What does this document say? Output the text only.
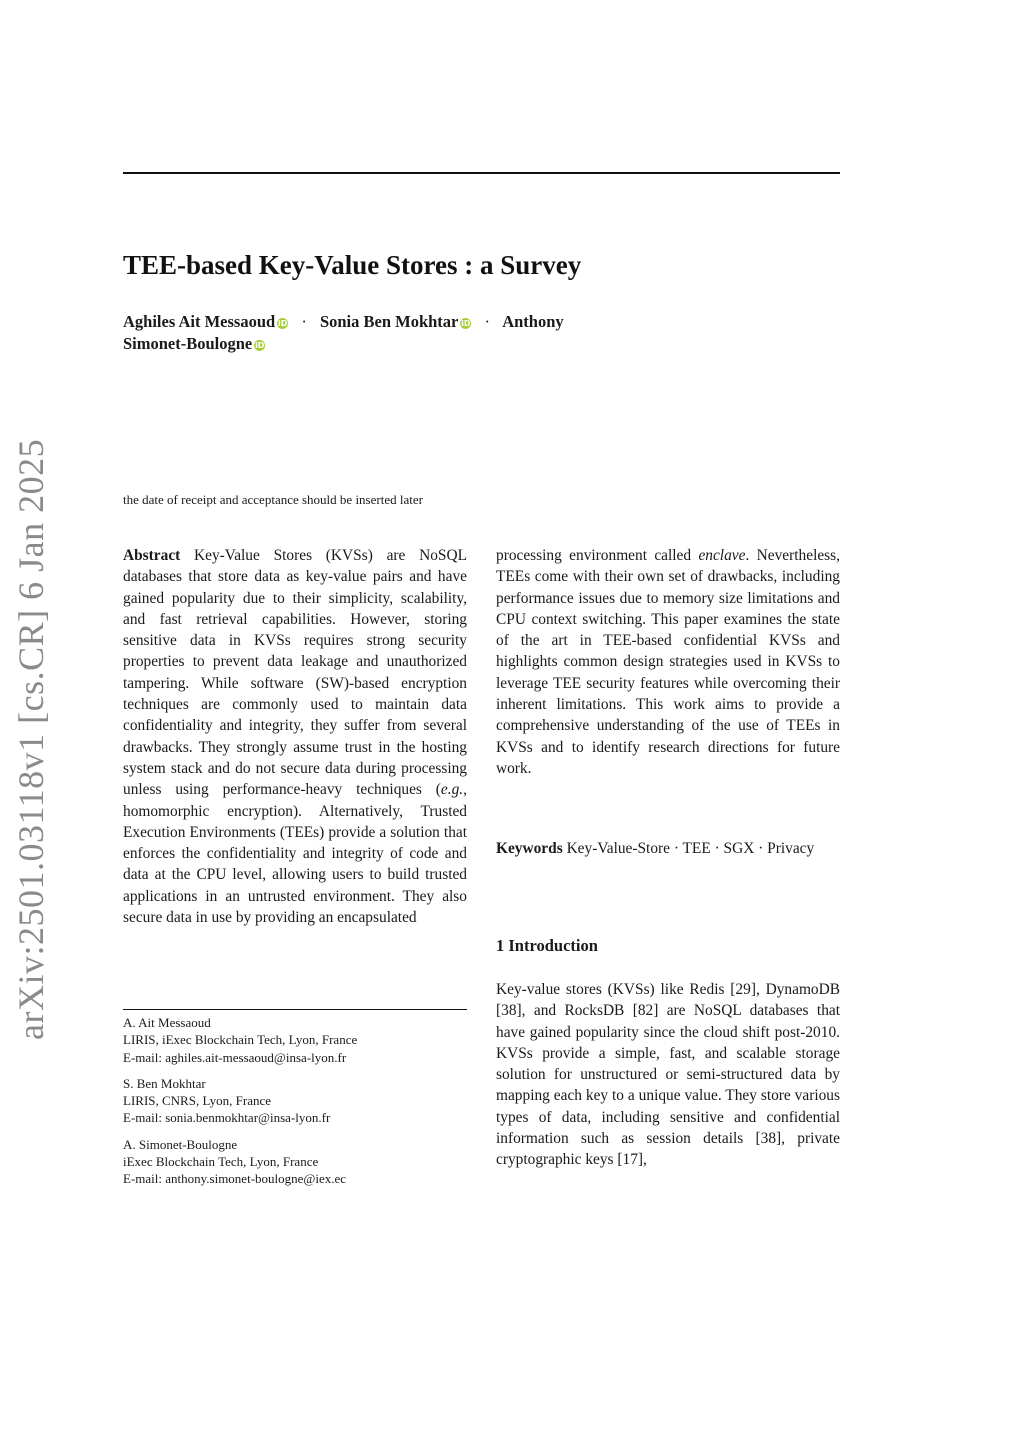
arXiv:2501.03118v1 [cs.CR] 6 Jan 2025
TEE-based Key-Value Stores : a Survey
Aghiles Ait Messaoud iD · Sonia Ben Mokhtar iD · Anthony
Simonet-Boulogne iD
the date of receipt and acceptance should be inserted later
Abstract Key-Value Stores (KVSs) are NoSQL databases that store data as key-value pairs and have gained popularity due to their simplicity, scalability, and fast retrieval capabilities. However, storing sensitive data in KVSs requires strong security properties to prevent data leakage and unauthorized tampering. While software (SW)-based encryption techniques are commonly used to maintain data confidentiality and integrity, they suffer from several drawbacks. They strongly assume trust in the hosting system stack and do not secure data during processing unless using performance-heavy techniques (e.g., homomorphic encryption). Alternatively, Trusted Execution Environments (TEEs) provide a solution that enforces the confidentiality and integrity of code and data at the CPU level, allowing users to build trusted applications in an untrusted environment. They also secure data in use by providing an encapsulated
processing environment called enclave. Nevertheless, TEEs come with their own set of drawbacks, including performance issues due to memory size limitations and CPU context switching. This paper examines the state of the art in TEE-based confidential KVSs and highlights common design strategies used in KVSs to leverage TEE security features while overcoming their inherent limitations. This work aims to provide a comprehensive understanding of the use of TEEs in KVSs and to identify research directions for future work.
Keywords Key-Value-Store · TEE · SGX · Privacy
1 Introduction
Key-value stores (KVSs) like Redis [29], DynamoDB [38], and RocksDB [82] are NoSQL databases that have gained popularity since the cloud shift post-2010. KVSs provide a simple, fast, and scalable storage solution for unstructured or semi-structured data by mapping each key to a unique value. They store various types of data, including sensitive and confidential information such as session details [38], private cryptographic keys [17],
A. Ait Messaoud
LIRIS, iExec Blockchain Tech, Lyon, France
E-mail: aghiles.ait-messaoud@insa-lyon.fr
S. Ben Mokhtar
LIRIS, CNRS, Lyon, France
E-mail: sonia.benmokhtar@insa-lyon.fr
A. Simonet-Boulogne
iExec Blockchain Tech, Lyon, France
E-mail: anthony.simonet-boulogne@iex.ec
